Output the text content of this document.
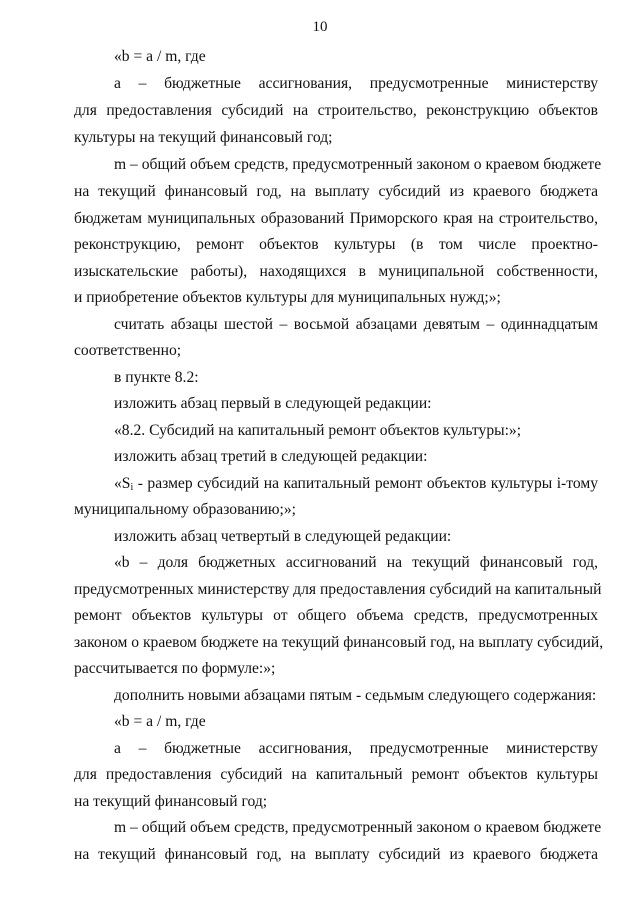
10
«b = a / m, где
а – бюджетные ассигнования, предусмотренные министерству
для предоставления субсидий на строительство, реконструкцию объектов
культуры на текущий финансовый год;
m – общий объем средств, предусмотренный законом о краевом бюджете
на текущий финансовый год, на выплату субсидий из краевого бюджета
бюджетам муниципальных образований Приморского края на строительство,
реконструкцию, ремонт объектов культуры (в том числе проектно-
изыскательские работы), находящихся в муниципальной собственности,
и приобретение объектов культуры для муниципальных нужд;»;
считать абзацы шестой – восьмой абзацами девятым – одиннадцатым
соответственно;
в пункте 8.2:
изложить абзац первый в следующей редакции:
«8.2. Субсидий на капитальный ремонт объектов культуры:»;
изложить абзац третий в следующей редакции:
«$S_i$ - размер субсидий на капитальный ремонт объектов культуры i-тому
муниципальному образованию;»;
изложить абзац четвертый в следующей редакции:
«b – доля бюджетных ассигнований на текущий финансовый год,
предусмотренных министерству для предоставления субсидий на капитальный
ремонт объектов культуры от общего объема средств, предусмотренных
законом о краевом бюджете на текущий финансовый год, на выплату субсидий,
рассчитывается по формуле:»;
дополнить новыми абзацами пятым - седьмым следующего содержания:
«b = a / m, где
а – бюджетные ассигнования, предусмотренные министерству
для предоставления субсидий на капитальный ремонт объектов культуры
на текущий финансовый год;
m – общий объем средств, предусмотренный законом о краевом бюджете
на текущий финансовый год, на выплату субсидий из краевого бюджета
